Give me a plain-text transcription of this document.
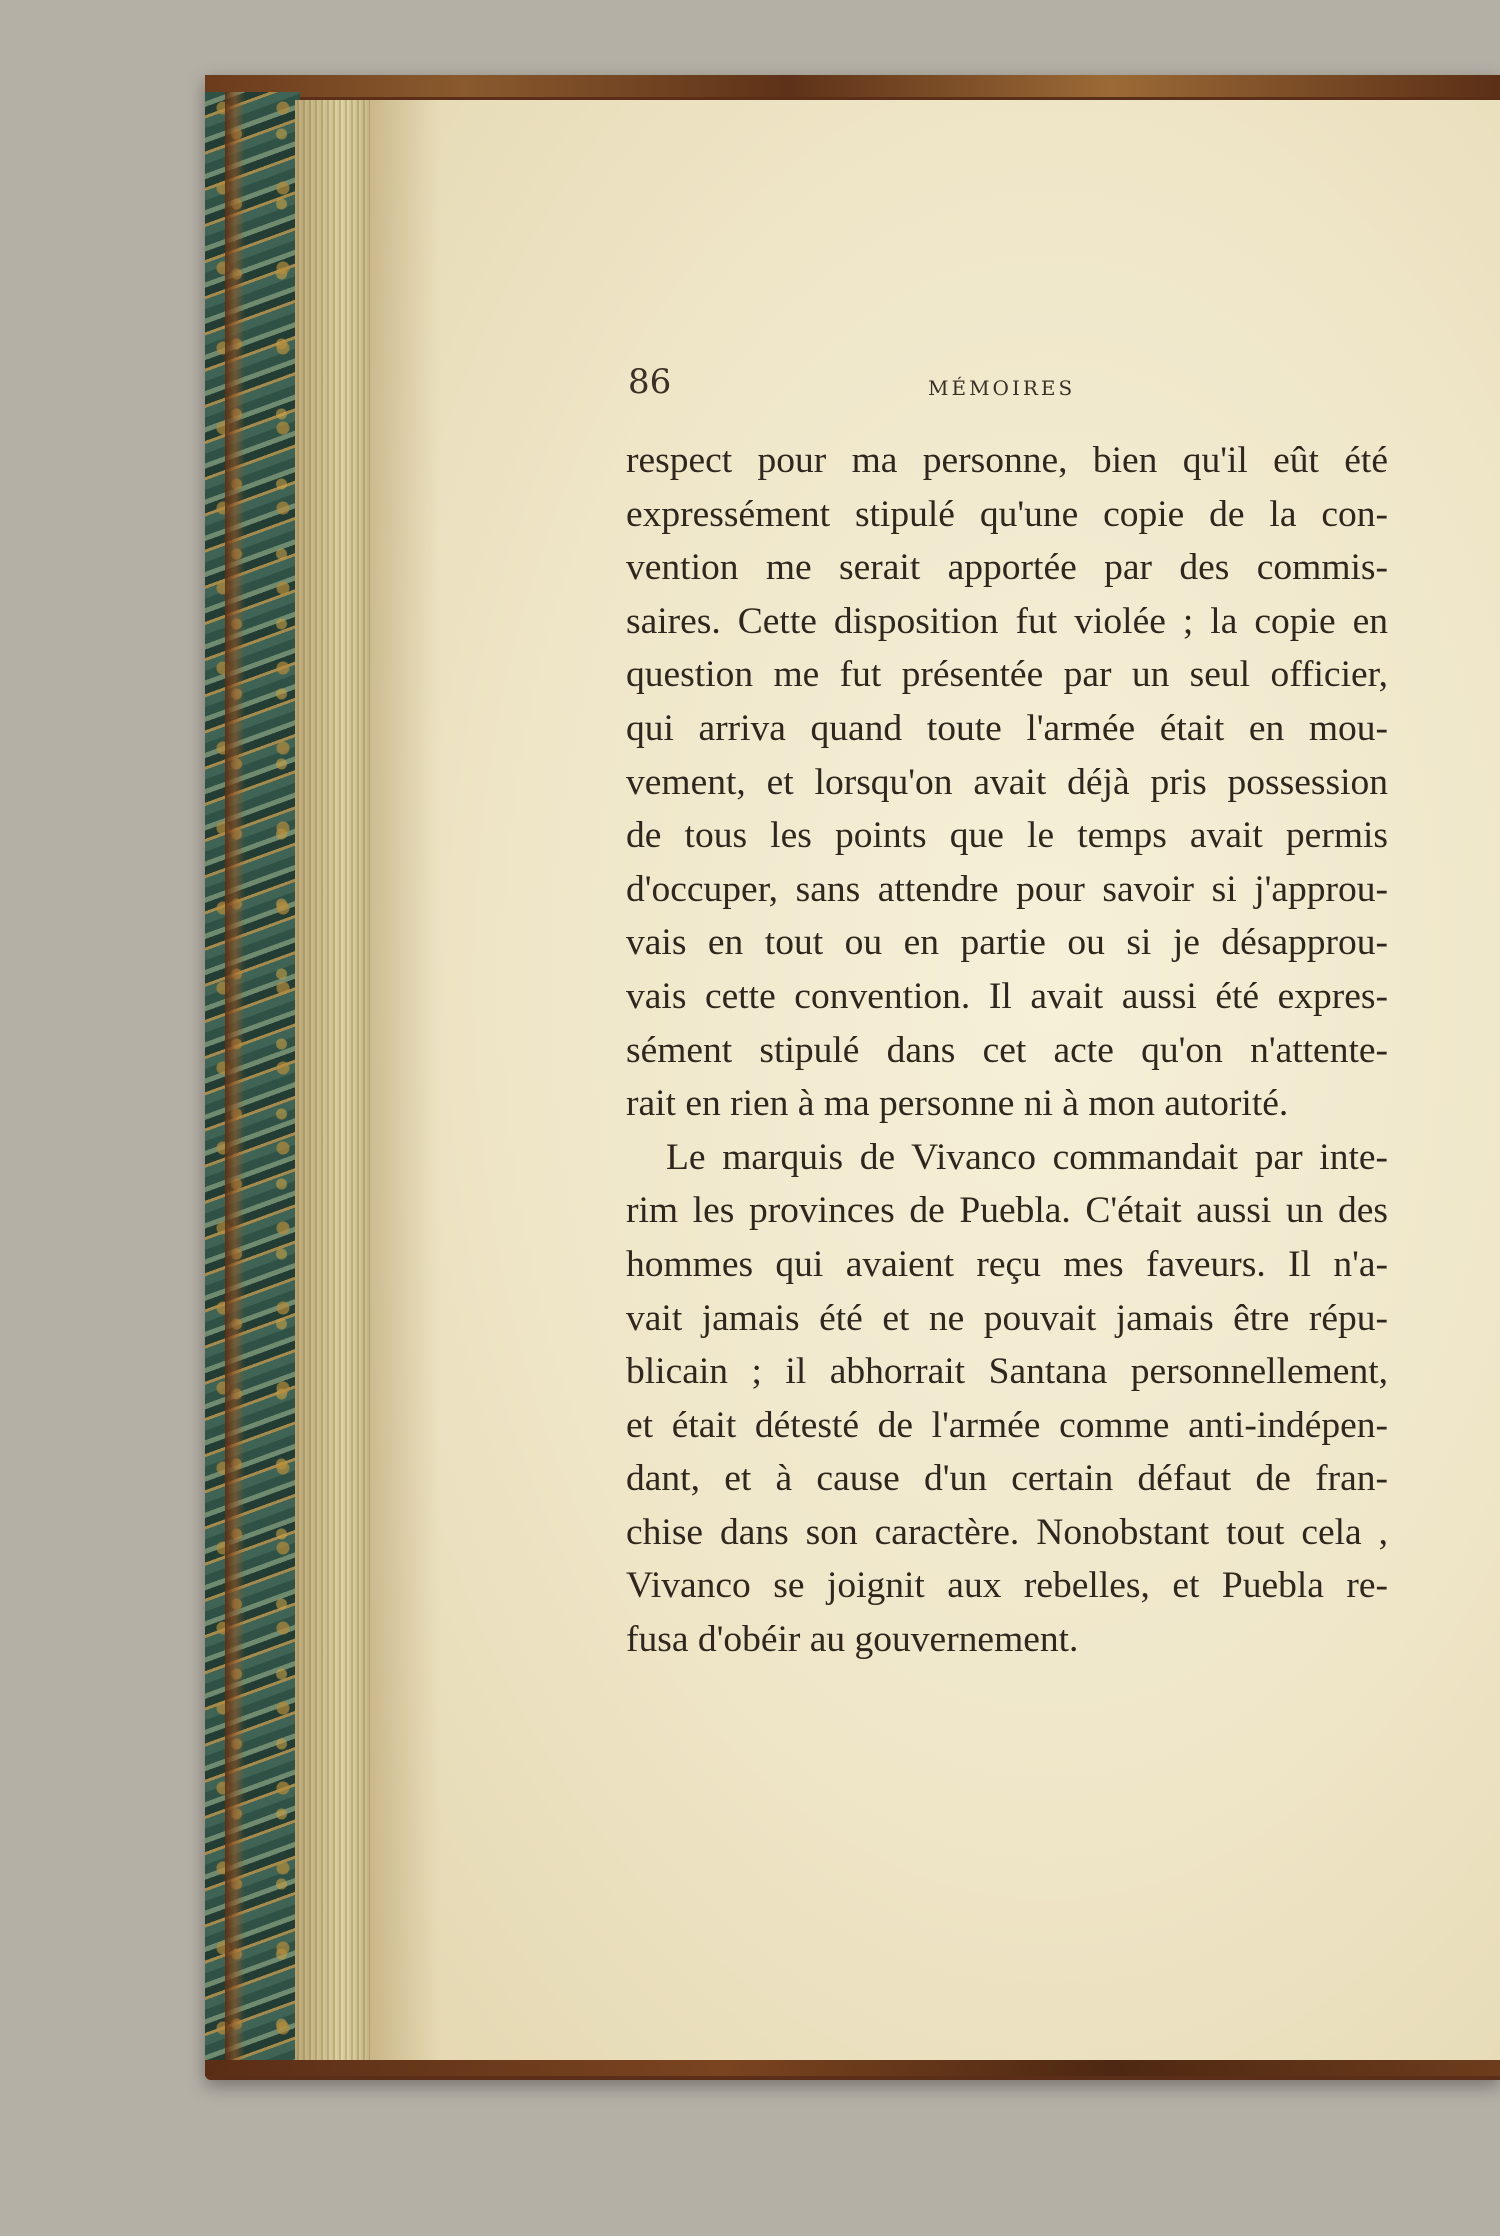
86	MÉMOIRES
respect pour ma personne, bien qu'il eût été
expressément stipulé qu'une copie de la con-
vention me serait apportée par des commis-
saires. Cette disposition fut violée ; la copie en
question me fut présentée par un seul officier,
qui arriva quand toute l'armée était en mou-
vement, et lorsqu'on avait déjà pris possession
de tous les points que le temps avait permis
d'occuper, sans attendre pour savoir si j'approu-
vais en tout ou en partie ou si je désapprou-
vais cette convention. Il avait aussi été expres-
sément stipulé dans cet acte qu'on n'attente-
rait en rien à ma personne ni à mon autorité.
Le marquis de Vivanco commandait par inte-
rim les provinces de Puebla. C'était aussi un des
hommes qui avaient reçu mes faveurs. Il n'a-
vait jamais été et ne pouvait jamais être répu-
blicain ; il abhorrait Santana personnellement,
et était détesté de l'armée comme anti-indépen-
dant, et à cause d'un certain défaut de fran-
chise dans son caractère. Nonobstant tout cela ,
Vivanco se joignit aux rebelles, et Puebla re-
fusa d'obéir au gouvernement.
